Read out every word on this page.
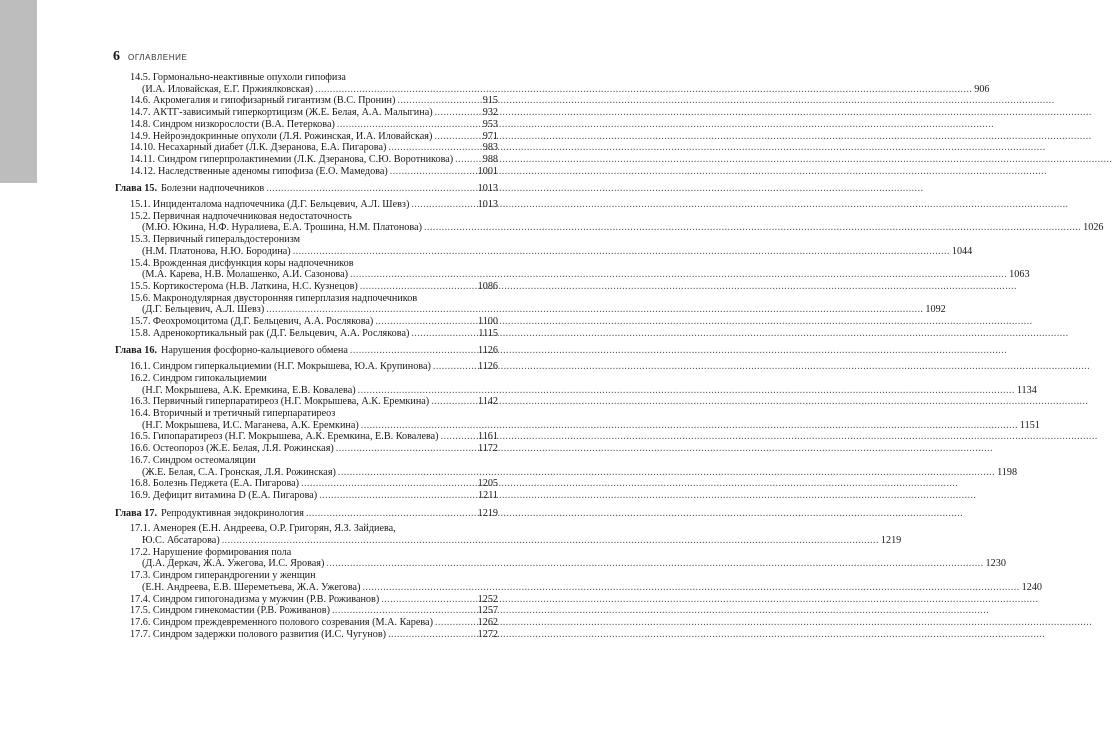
6 ОГЛАВЛЕНИЕ
14.5. Гормонально-неактивные опухоли гипофиза
(И.А. Иловайская, Е.Г. Пржиялковская) .....	906
14.6. Акромегалия и гипофизарный гигантизм (В.С. Пронин) .....	915
14.7. АКТГ-зависимый гиперкортицизм (Ж.Е. Белая, А.А. Малыгина) .....	932
14.8. Синдром низкорослости (В.А. Петеркова) .....	953
14.9. Нейроэндокринные опухоли (Л.Я. Рожинская, И.А. Иловайская) .....	971
14.10. Несахарный диабет (Л.К. Дзеранова, Е.А. Пигарова) .....	983
14.11. Синдром гиперпролактинемии (Л.К. Дзеранова, С.Ю. Воротникова) .....	988
14.12. Наследственные аденомы гипофиза (Е.О. Мамедова) .....	1001
Глава 15. Болезни надпочечников .....	1013
15.1. Инциденталома надпочечника (Д.Г. Бельцевич, А.Л. Шевз) .....	1013
15.2. Первичная надпочечниковая недостаточность
(М.Ю. Юкина, Н.Ф. Нуралиева, Е.А. Трошина, Н.М. Платонова) .....	1026
15.3. Первичный гиперальдостеронизм
(Н.М. Платонова, Н.Ю. Бородина) .....	1044
15.4. Врожденная дисфункция коры надпочечников
(М.А. Карева, Н.В. Молашенко, А.И. Сазонова) .....	1063
15.5. Кортикостерома (Н.В. Латкина, Н.С. Кузнецов) .....	1086
15.6. Макронодулярная двусторонняя гиперплазия надпочечников
(Д.Г. Бельцевич, А.Л. Шевз) .....	1092
15.7. Феохромоцитома (Д.Г. Бельцевич, А.А. Рослякова) .....	1100
15.8. Адренокортикальный рак (Д.Г. Бельцевич, А.А. Рослякова) .....	1115
Глава 16. Нарушения фосфорно-кальциевого обмена .....	1126
16.1. Синдром гиперкальциемии (Н.Г. Мокрышева, Ю.А. Крупинова) .....	1126
16.2. Синдром гипокальциемии
(Н.Г. Мокрышева, А.К. Еремкина, Е.В. Ковалева) .....	1134
16.3. Первичный гиперпаратиреоз (Н.Г. Мокрышева, А.К. Еремкина) .....	1142
16.4. Вторичный и третичный гиперпаратиреоз
(Н.Г. Мокрышева, И.С. Маганева, А.К. Еремкина) .....	1151
16.5. Гипопаратиреоз (Н.Г. Мокрышева, А.К. Еремкина, Е.В. Ковалева) .....	1161
16.6. Остеопороз (Ж.Е. Белая, Л.Я. Рожинская) .....	1172
16.7. Синдром остеомаляции
(Ж.Е. Белая, С.А. Гронская, Л.Я. Рожинская) .....	1198
16.8. Болезнь Педжета (Е.А. Пигарова) .....	1205
16.9. Дефицит витамина D (Е.А. Пигарова) .....	1211
Глава 17. Репродуктивная эндокринология .....	1219
17.1. Аменорея (Е.Н. Андреева, О.Р. Григорян, Я.З. Зайдиева,
Ю.С. Абсатарова) .....	1219
17.2. Нарушение формирования пола
(Д.А. Деркач, Ж.А. Ужегова, И.С. Яровая) .....	1230
17.3. Синдром гиперандрогении у женщин
(Е.Н. Андреева, Е.В. Шереметьева, Ж.А. Ужегова) .....	1240
17.4. Синдром гипогонадизма у мужчин (Р.В. Роживанов) .....	1252
17.5. Синдром гинекомастии (Р.В. Роживанов) .....	1257
17.6. Синдром преждевременного полового созревания (М.А. Карева) .....	1262
17.7. Синдром задержки полового развития (И.С. Чугунов) .....	1272
